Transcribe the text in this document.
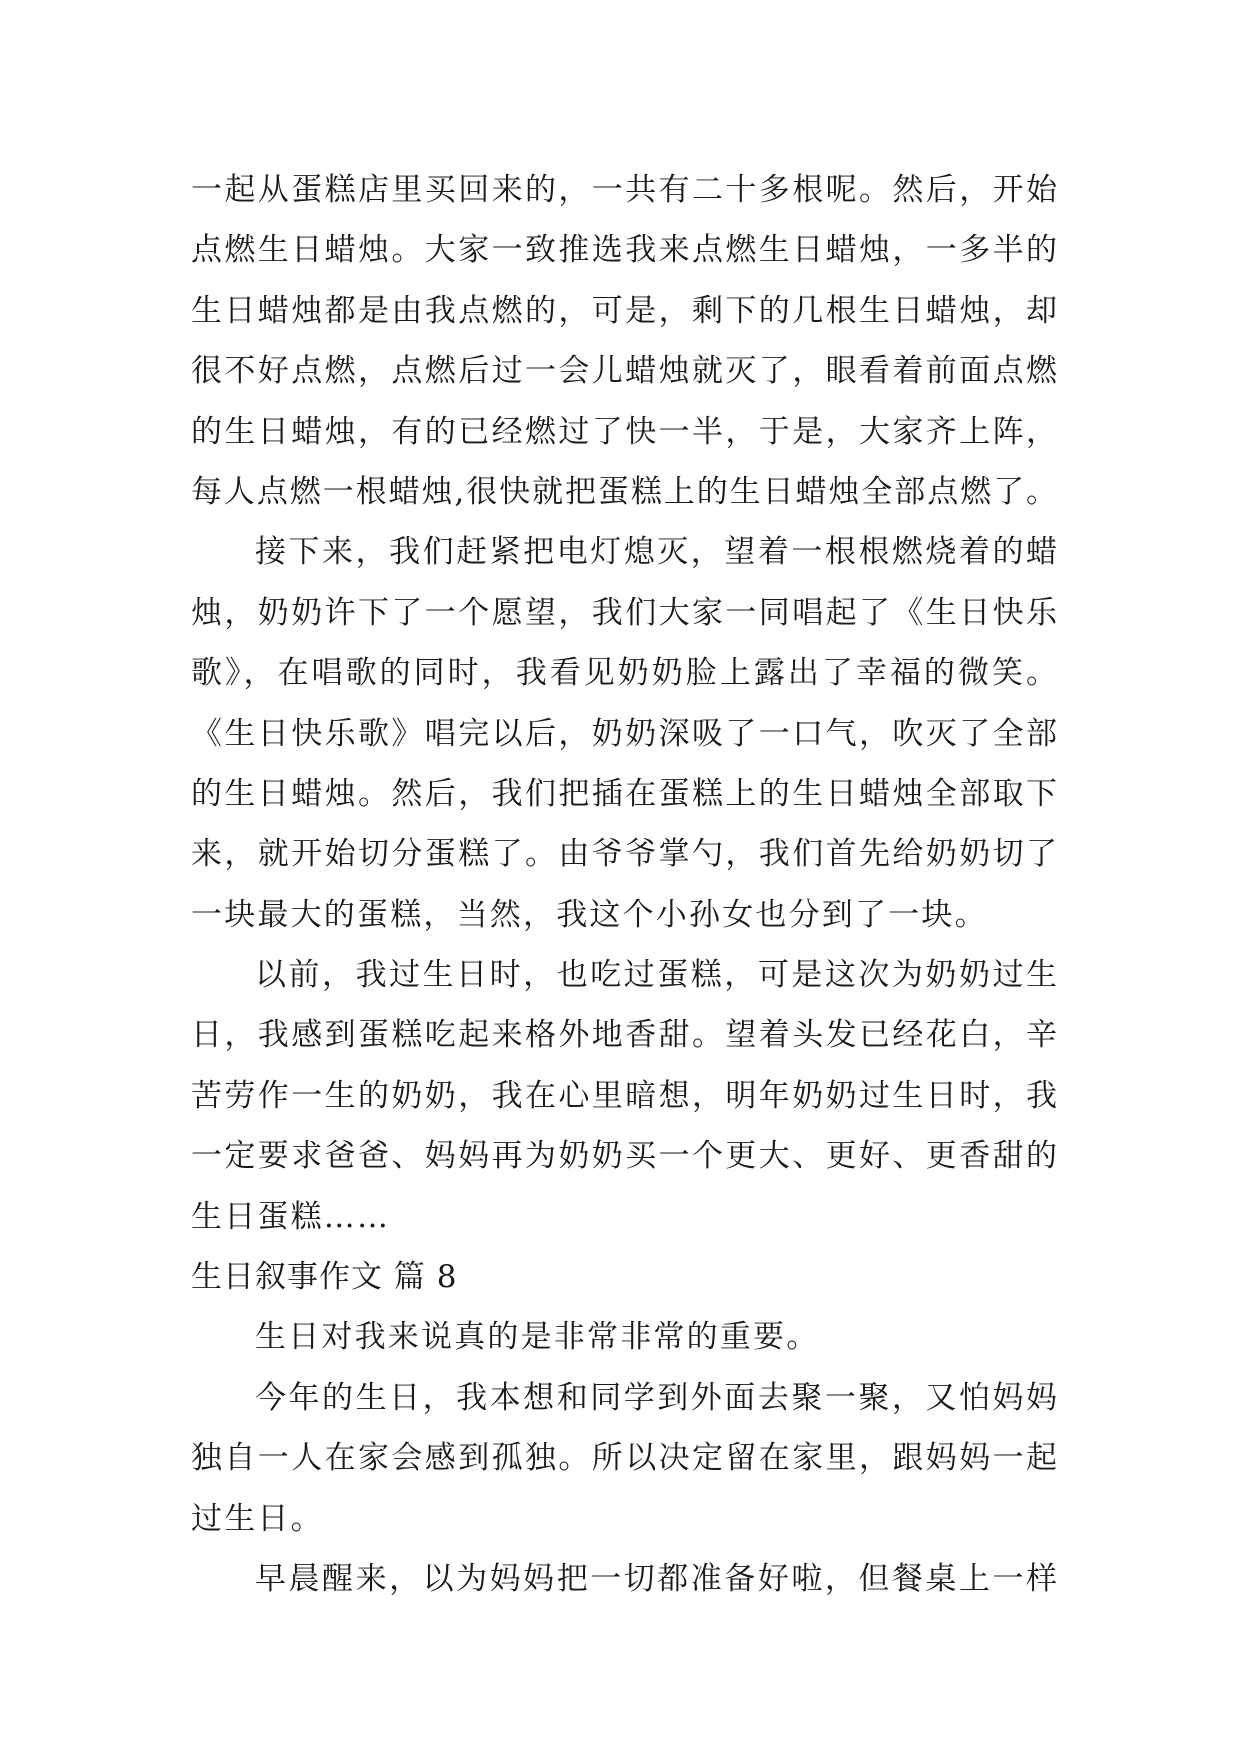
一起从蛋糕店里买回来的，一共有二十多根呢。然后，开始
点燃生日蜡烛。大家一致推选我来点燃生日蜡烛，一多半的
生日蜡烛都是由我点燃的，可是，剩下的几根生日蜡烛，却
很不好点燃，点燃后过一会儿蜡烛就灭了，眼看着前面点燃
的生日蜡烛，有的已经燃过了快一半，于是，大家齐上阵，
每人点燃一根蜡烛,很快就把蛋糕上的生日蜡烛全部点燃了。
接下来，我们赶紧把电灯熄灭，望着一根根燃烧着的蜡
烛，奶奶许下了一个愿望，我们大家一同唱起了《生日快乐
歌》，在唱歌的同时，我看见奶奶脸上露出了幸福的微笑。
《生日快乐歌》唱完以后，奶奶深吸了一口气，吹灭了全部
的生日蜡烛。然后，我们把插在蛋糕上的生日蜡烛全部取下
来，就开始切分蛋糕了。由爷爷掌勺，我们首先给奶奶切了
一块最大的蛋糕，当然，我这个小孙女也分到了一块。
以前，我过生日时，也吃过蛋糕，可是这次为奶奶过生
日，我感到蛋糕吃起来格外地香甜。望着头发已经花白，辛
苦劳作一生的奶奶，我在心里暗想，明年奶奶过生日时，我
一定要求爸爸、妈妈再为奶奶买一个更大、更好、更香甜的
生日蛋糕……
生日叙事作文 篇 8
生日对我来说真的是非常非常的重要。
今年的生日，我本想和同学到外面去聚一聚，又怕妈妈
独自一人在家会感到孤独。所以决定留在家里，跟妈妈一起
过生日。
早晨醒来，以为妈妈把一切都准备好啦，但餐桌上一样
